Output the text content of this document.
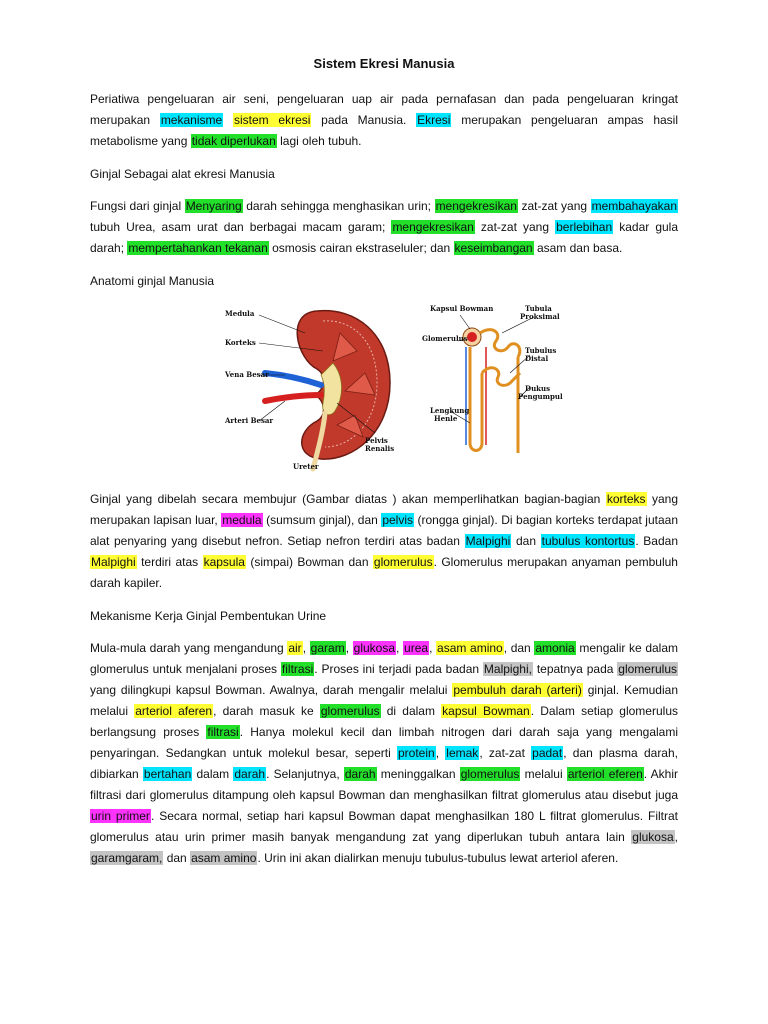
Sistem Ekresi Manusia

Periatiwa pengeluaran air seni, pengeluaran uap air pada pernafasan dan pada pengeluaran kringat merupakan mekanisme sistem ekresi pada Manusia. Ekresi merupakan pengeluaran ampas hasil metabolisme yang tidak diperlukan lagi oleh tubuh.

Ginjal Sebagai alat ekresi Manusia

Fungsi dari ginjal Menyaring darah sehingga menghasikan urin; mengekresikan zat-zat yang membahayakan tubuh Urea, asam urat dan berbagai macam garam; mengekresikan zat-zat yang berlebihan kadar gula darah; mempertahankan tekanan osmosis cairan ekstraseluler; dan keseimbangan asam dan basa.

Anatomi ginjal Manusia
Medula
Korteks
Vena Besar
Arteri Besar
Pelvis
Renalis
Ureter
Kapsul Bowman	Tubula
Proksimal
Glomerulus
Tubulus
Distal
Dukus
Pengumpul
Lengkung
Henle

Ginjal yang dibelah secara membujur (Gambar diatas ) akan memperlihatkan bagian-bagian korteks yang merupakan lapisan luar, medula (sumsum ginjal), dan pelvis (rongga ginjal). Di bagian korteks terdapat jutaan alat penyaring yang disebut nefron. Setiap nefron terdiri atas badan Malpighi dan tubulus kontortus. Badan Malpighi terdiri atas kapsula (simpai) Bowman dan glomerulus. Glomerulus merupakan anyaman pembuluh darah kapiler.

Mekanisme Kerja Ginjal Pembentukan Urine

Mula-mula darah yang mengandung air, garam, glukosa, urea, asam amino, dan amonia mengalir ke dalam glomerulus untuk menjalani proses filtrasi. Proses ini terjadi pada badan Malpighi, tepatnya pada glomerulus yang dilingkupi kapsul Bowman. Awalnya, darah mengalir melalui pembuluh darah (arteri) ginjal. Kemudian melalui arteriol aferen, darah masuk ke glomerulus di dalam kapsul Bowman. Dalam setiap glomerulus berlangsung proses filtrasi. Hanya molekul kecil dan limbah nitrogen dari darah saja yang mengalami penyaringan. Sedangkan untuk molekul besar, seperti protein, lemak, zat-zat padat, dan plasma darah, dibiarkan bertahan dalam darah. Selanjutnya, darah meninggalkan glomerulus melalui arteriol eferen. Akhir filtrasi dari glomerulus ditampung oleh kapsul Bowman dan menghasilkan filtrat glomerulus atau disebut juga urin primer. Secara normal, setiap hari kapsul Bowman dapat menghasilkan 180 L filtrat glomerulus. Filtrat glomerulus atau urin primer masih banyak mengandung zat yang diperlukan tubuh antara lain glukosa, garamgaram, dan asam amino. Urin ini akan dialirkan menuju tubulus-tubulus lewat arteriol aferen.
